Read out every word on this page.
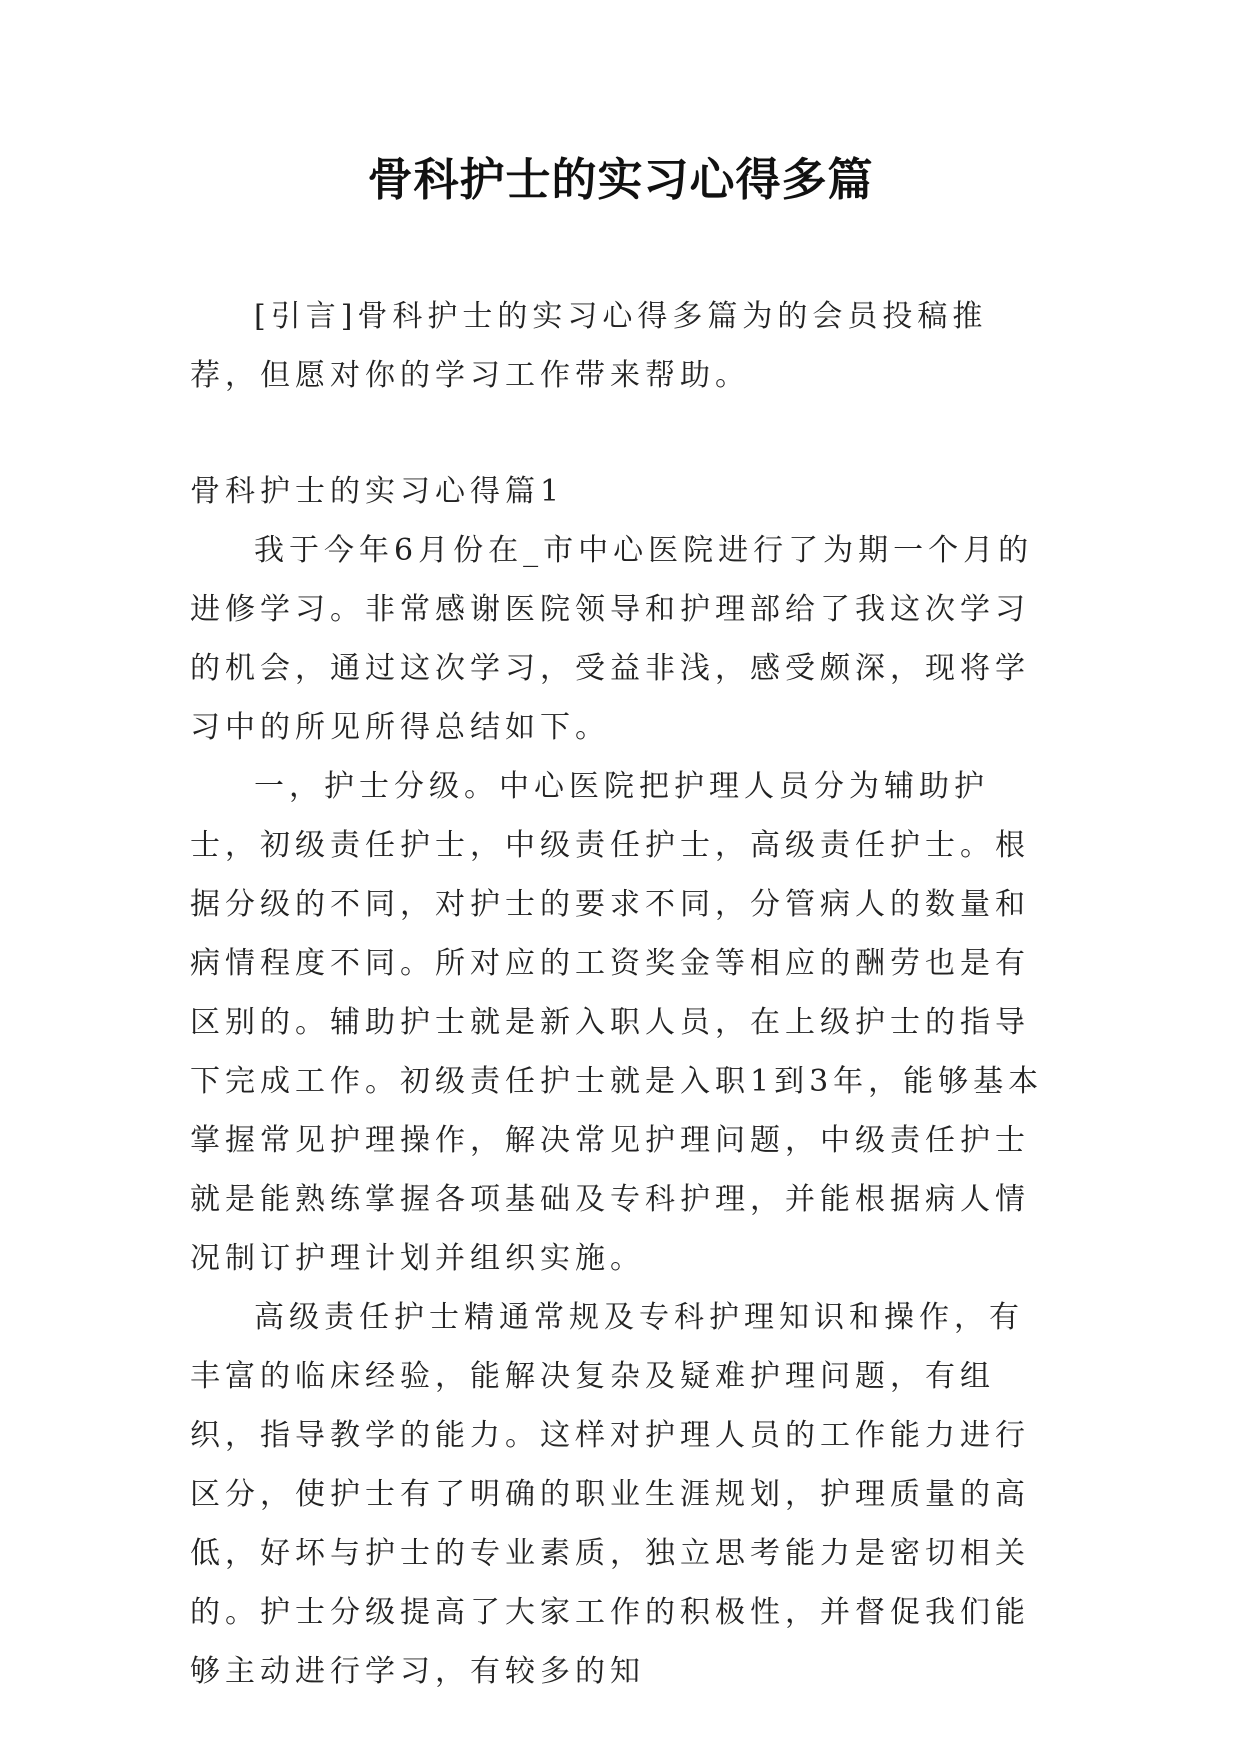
骨科护士的实习心得多篇

[引言]骨科护士的实习心得多篇为的会员投稿推荐，但愿对你的学习工作带来帮助。

骨科护士的实习心得篇1

我于今年6月份在_市中心医院进行了为期一个月的进修学习。非常感谢医院领导和护理部给了我这次学习的机会，通过这次学习，受益非浅，感受颇深，现将学习中的所见所得总结如下。

一，护士分级。中心医院把护理人员分为辅助护士，初级责任护士，中级责任护士，高级责任护士。根据分级的不同，对护士的要求不同，分管病人的数量和病情程度不同。所对应的工资奖金等相应的酬劳也是有区别的。辅助护士就是新入职人员，在上级护士的指导下完成工作。初级责任护士就是入职1到3年，能够基本掌握常见护理操作，解决常见护理问题，中级责任护士就是能熟练掌握各项基础及专科护理，并能根据病人情况制订护理计划并组织实施。

高级责任护士精通常规及专科护理知识和操作，有丰富的临床经验，能解决复杂及疑难护理问题，有组织，指导教学的能力。这样对护理人员的工作能力进行区分，使护士有了明确的职业生涯规划，护理质量的高低，好坏与护士的专业素质，独立思考能力是密切相关的。护士分级提高了大家工作的积极性，并督促我们能够主动进行学习，有较多的知
